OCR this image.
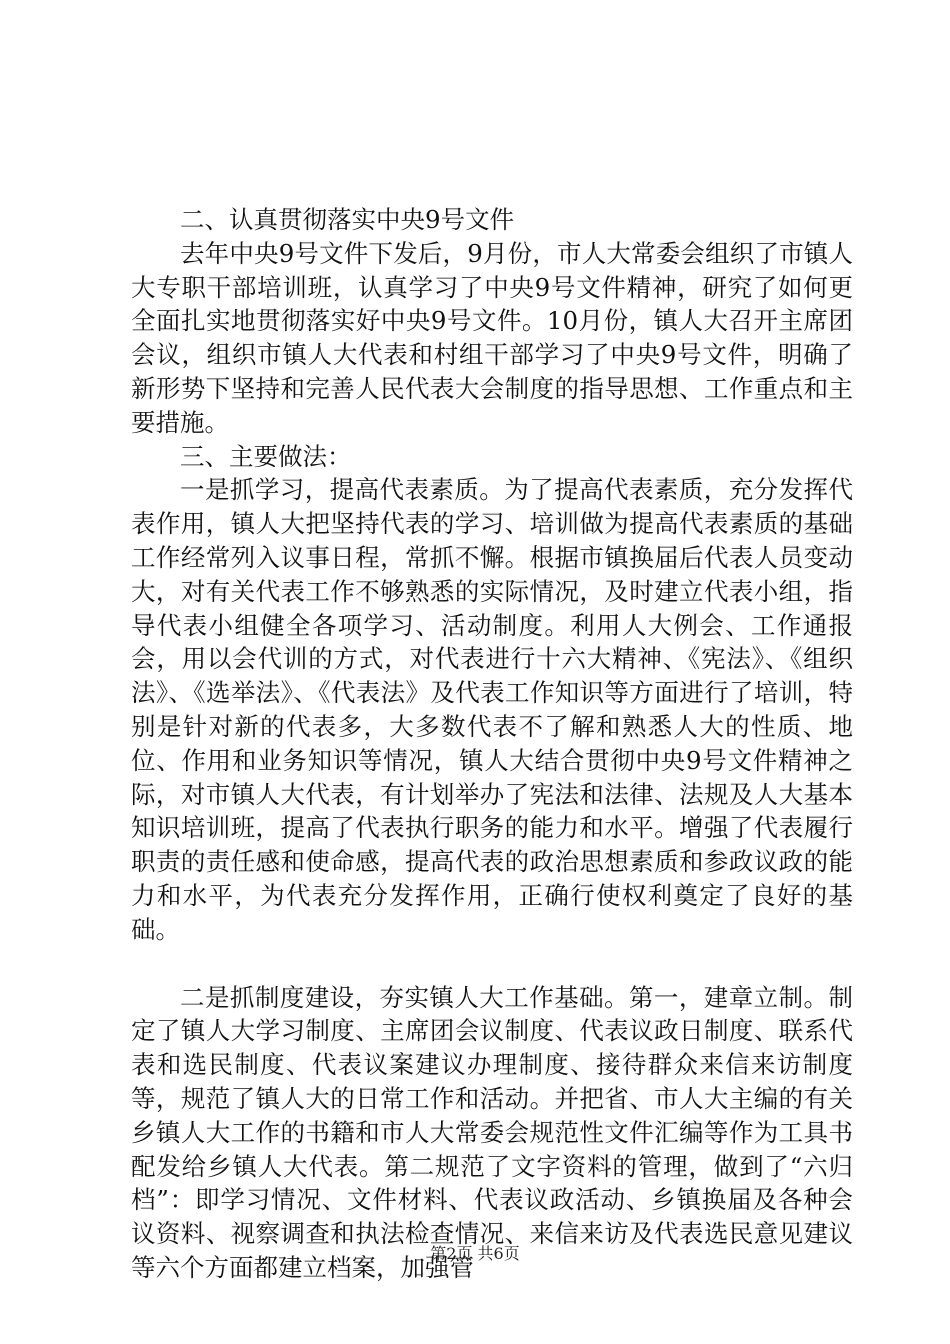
二、认真贯彻落实中央9号文件

去年中央9号文件下发后，9月份，市人大常委会组织了市镇人大专职干部培训班，认真学习了中央9号文件精神，研究了如何更全面扎实地贯彻落实好中央9号文件。10月份，镇人大召开主席团会议，组织市镇人大代表和村组干部学习了中央9号文件，明确了新形势下坚持和完善人民代表大会制度的指导思想、工作重点和主要措施。

三、主要做法：

一是抓学习，提高代表素质。为了提高代表素质，充分发挥代表作用，镇人大把坚持代表的学习、培训做为提高代表素质的基础工作经常列入议事日程，常抓不懈。根据市镇换届后代表人员变动大，对有关代表工作不够熟悉的实际情况，及时建立代表小组，指导代表小组健全各项学习、活动制度。利用人大例会、工作通报会，用以会代训的方式，对代表进行十六大精神、《宪法》、《组织法》、《选举法》、《代表法》及代表工作知识等方面进行了培训，特别是针对新的代表多，大多数代表不了解和熟悉人大的性质、地位、作用和业务知识等情况，镇人大结合贯彻中央9号文件精神之际，对市镇人大代表，有计划举办了宪法和法律、法规及人大基本知识培训班，提高了代表执行职务的能力和水平。增强了代表履行职责的责任感和使命感，提高代表的政治思想素质和参政议政的能力和水平，为代表充分发挥作用，正确行使权利奠定了良好的基础。

二是抓制度建设，夯实镇人大工作基础。第一，建章立制。制定了镇人大学习制度、主席团会议制度、代表议政日制度、联系代表和选民制度、代表议案建议办理制度、接待群众来信来访制度等，规范了镇人大的日常工作和活动。并把省、市人大主编的有关乡镇人大工作的书籍和市人大常委会规范性文件汇编等作为工具书配发给乡镇人大代表。第二规范了文字资料的管理，做到了“六归档”：即学习情况、文件材料、代表议政活动、乡镇换届及各种会议资料、视察调查和执法检查情况、来信来访及代表选民意见建议等六个方面都建立档案，加强管

第2页 共6页
